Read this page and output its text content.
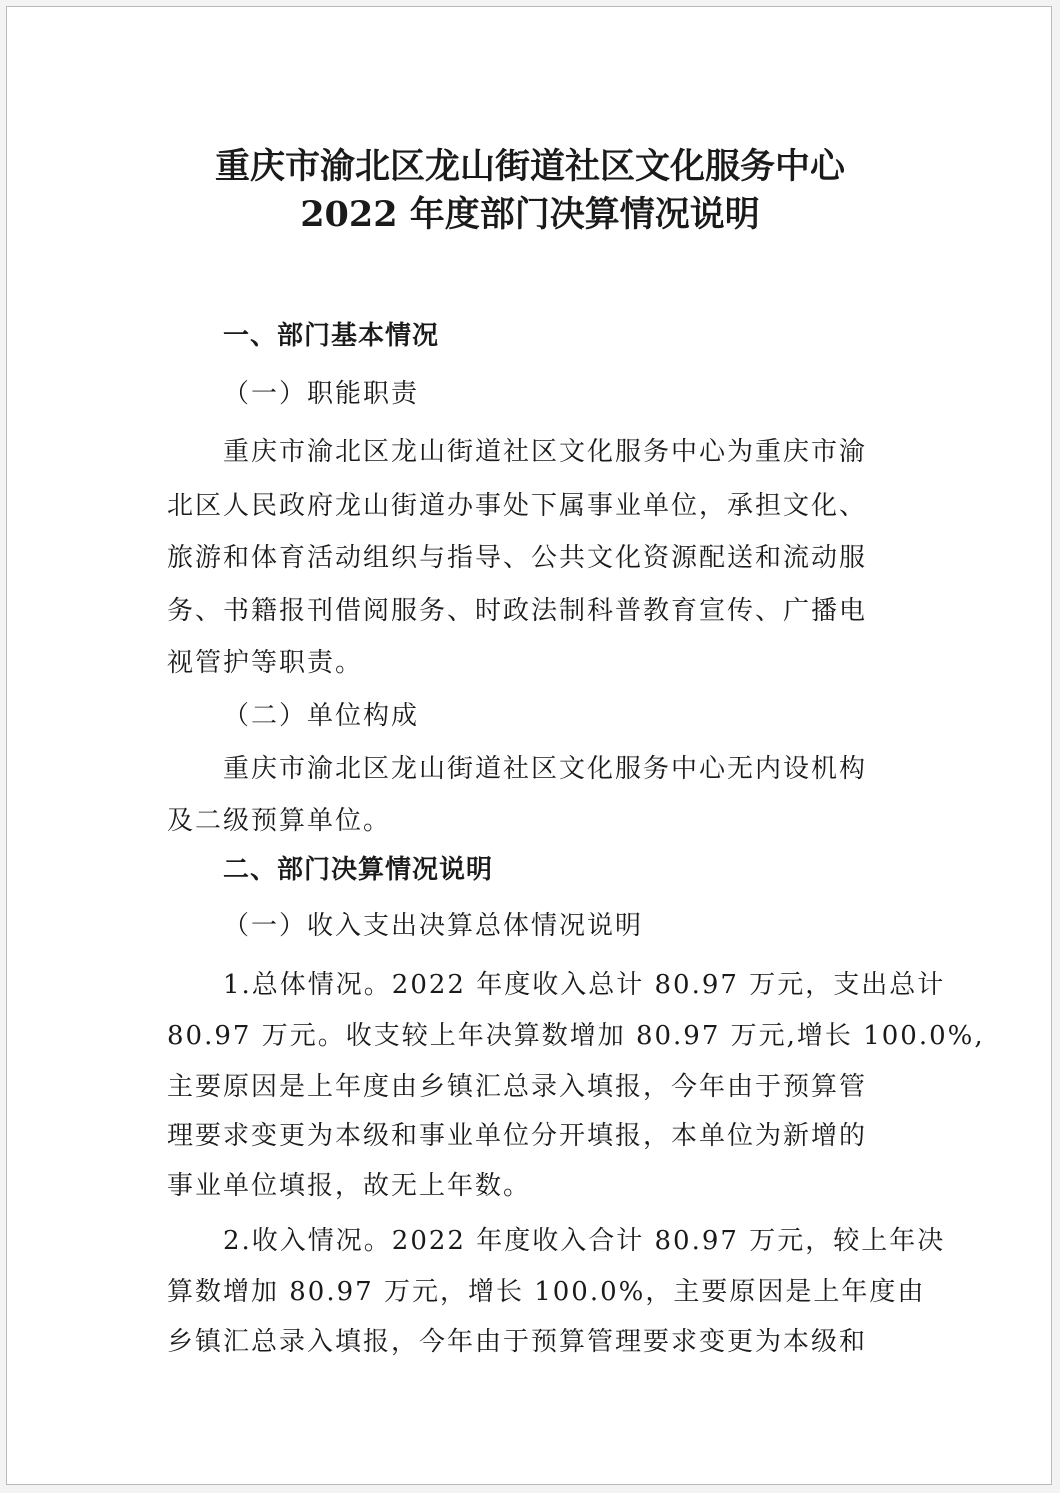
重庆市渝北区龙山街道社区文化服务中心
2022 年度部门决算情况说明
一、部门基本情况
（一）职能职责
重庆市渝北区龙山街道社区文化服务中心为重庆市渝
北区人民政府龙山街道办事处下属事业单位，承担文化、
旅游和体育活动组织与指导、公共文化资源配送和流动服
务、书籍报刊借阅服务、时政法制科普教育宣传、广播电
视管护等职责。
（二）单位构成
重庆市渝北区龙山街道社区文化服务中心无内设机构
及二级预算单位。
二、部门决算情况说明
（一）收入支出决算总体情况说明
1.总体情况。2022 年度收入总计 80.97 万元，支出总计
80.97 万元。收支较上年决算数增加 80.97 万元,增长 100.0%,
主要原因是上年度由乡镇汇总录入填报，今年由于预算管
理要求变更为本级和事业单位分开填报，本单位为新增的
事业单位填报，故无上年数。
2.收入情况。2022 年度收入合计 80.97 万元，较上年决
算数增加 80.97 万元，增长 100.0%，主要原因是上年度由
乡镇汇总录入填报，今年由于预算管理要求变更为本级和
